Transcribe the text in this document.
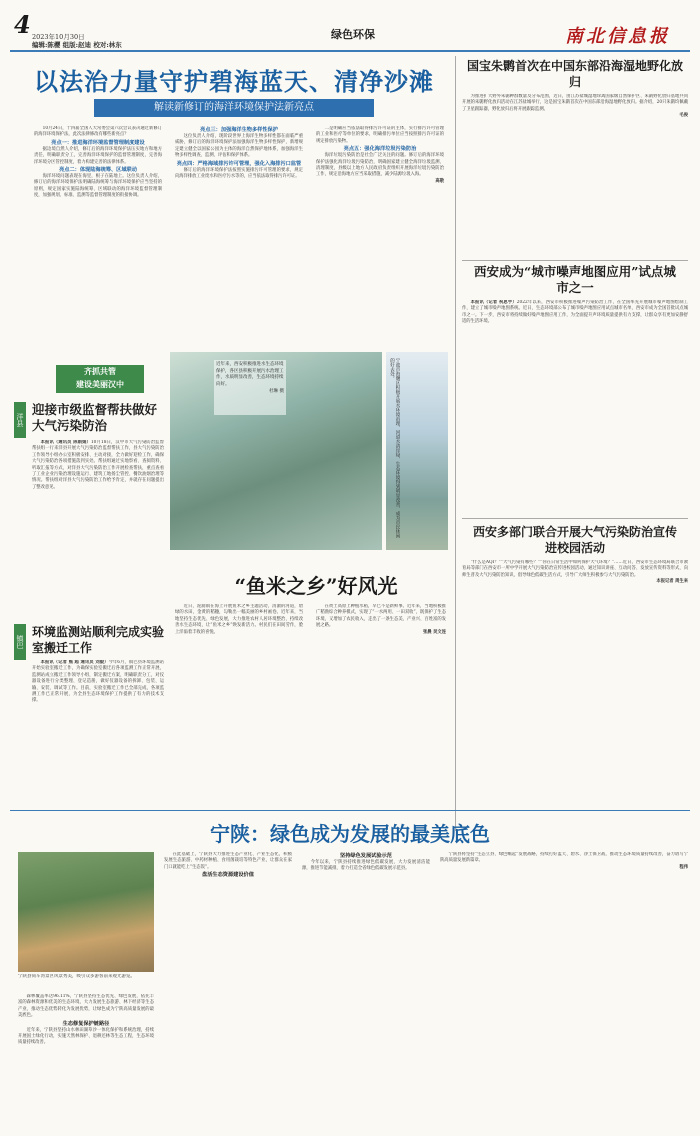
4 2023年10月30日
编辑:陈樱 组版:赵迪 校对:林东
绿色环保	南北信息报
以法治力量守护碧海蓝天、清净沙滩
解读新修订的海洋环境保护法新亮点

10月24日，十四届全国人大常委会第六次会议表决通过新修订的海洋环境保护法，此次法律修改有哪些新亮点？

亮点一：推进海洋环境监督管理制度建设

据边境自然人介绍，修订后的海洋环境保护法压实地方和地方责任，明确职责分工，完善海洋环境保护的监督管理制度，完善海洋环境分区管控制度，着力构建完善的法律体系。

亮点二：体现陆海统筹、区域联动

海洋环境问题表现在海里，根子在陆地上。这位负责人介绍，修订后的海洋环境保护法明确陆海统筹与海洋环境保护应当坚持的原则，规定国家实施陆海统筹、区域联动的海洋环境监督管理制度，加强规划、标准、监测等监督管理制度的衔接协调。

亮点三：加强海洋生物多样性保护

这位负责人介绍，现阶段世界上海洋生物多样性都在面临严重威胁，修订后的海洋环境保护法加强海洋生物多样性保护，新增规定建立健全以国家公园为主体的海洋自然保护地体系，加强海洋生物多样性调查、监测、评估和保护体系。

亮点四：严格海域排污许可管理，强化入海排污口监管

修订后的海洋环境保护法按照实施排污许可管理的要求，规定向海洋排放工业废水和医疗污水等的，应当依法取得排污许可证。

二是明确应当依法取得排污许可证的主体，实行排污许可管理的工业和医疗等单位的要求，明确排污单位应当按照排污许可证的规定排放污染物。

亮点五：强化海洋垃圾污染防治

海洋垃圾污染防治是社会广泛关注的问题。修订后的海洋环境保护法强化海洋垃圾污染防治，明确国家建立健全海洋垃圾监测、清理制度，县级以上地方人民政府负责组织开展海洋垃圾污染防治工作，规定沿海地方应当采取措施，减少陆源垃圾入海。

高敬

近年来，西安积极推进水生态环境保护，各区县积极开展污水治理工作，水质明显改善，生态环境持续向好。
杜琳 摄	宁波市海曙区积极开展水环境治理，河道水清岸绿，生态环境得到明显改善，成为市民休闲的好去处。
齐抓共管
建设美丽汉中
洋县
迎接市级监督帮扶做好大气污染防治

本报讯（通讯员 陈娟娟）10月18日，汉中市大气污染防治监督帮扶组一行来洋县开展大气污染防治监督帮扶工作，县大气污染防治工作领导小组办公室积极安排、主动对接，全力做好迎检工作，确保大气污染防治各项措施落到实处。帮扶组通过实地察看、查阅资料、听取汇报等方式，对洋县大气污染防治工作开展检查帮扶，重点查看了工业企业污染治理设施运行、建筑工地扬尘管控、餐饮油烟治理等情况。帮扶组对洋县大气污染防治工作给予肯定，并就存在问题提出了整改意见。

镇巴
环境监测站顺利完成实验室搬迁工作

本报讯（记者 熊 超 通讯员 刘毅）今年6月，镇巴县环境监测站开始实验室搬迁工作，为确保实验室搬迁后各项监测工作正常开展，监测站成立搬迁工作领导小组，制定搬迁方案，明确职责分工，对仪器设备进行分类整理、登记造册，做好仪器设备的拆卸、包装、运输、安装、调试等工作。目前，实验室搬迁工作已全部完成，各项监测工作已正常开展，为全县生态环境保护工作提供了有力的技术支撑。

“鱼米之乡”好风光

近日，泥涌镇在海上开展鱼米之乡主题活动，清澈的河道，碧绿的水田，金黄的稻穗，勾勒出一幅美丽的乡村画卷。近年来，当地坚持生态优先、绿色发展，大力推进农村人居环境整治，持续改善水生态环境，让“鱼米之乡”焕发新活力。村民们在田间劳作，脸上洋溢着丰收的喜悦。

在黄土高原上种植水稻，早已不是新鲜事。近年来，当地积极推广稻渔综合种养模式，实现了“一水两用、一田双收”，既保护了生态环境，又增加了农民收入，走出了一条生态美、产业兴、百姓富的发展之路。

张晨 吴文连

国宝朱鹮首次在中国东部沿海湿地野化放归

为推进扩大野外朱鹮种群数量及分布范围，近日，由江苏盐城湿地珍禽国家级自然保护区、朱鹮野化放归基地共同开展的朱鹮野化放归活动在江苏盐城举行，这是国宝朱鹮首次在中国东部沿海湿地野化放归。据介绍，20只朱鹮均佩戴了卫星跟踪器，野化放归后将开展跟踪监测。

毛俊

西安成为“城市噪声地图应用”试点城市之一

本报讯（记者 祝思宇）2022年以来，西安市积极推进噪声污染防治工作，在全国率先开展城市噪声地图绘制工作，建立了城市噪声地图系统。近日，生态环境部公布了城市噪声地图应用试点城市名单，西安市成为全国首批试点城市之一。下一步，西安市将持续做好噪声地图应用工作，为全面提升声环境质量提供有力支撑，让群众享有更加安静舒适的生活环境。

西安多部门联合开展大气污染防治宣传进校园活动

“什么是AQI？”“大气污染有哪些？”“你在日常生活中如何保护大气环境？”……近日，西安市生态环境局联合市教育局等部门在西安市一所中学开展大气污染防治宣传进校园活动，通过知识讲座、互动问答、发放宣传资料等形式，向师生普及大气污染防治知识，倡导绿色低碳生活方式，引导广大师生积极参与大气污染防治。

本报记者 周生来

宁陕：绿色成为发展的最美底色
宁陕县筒车湾景区风景秀美，吸引众多游客前来观光游览。

森林覆盖率达96.11%，宁陕县坚持生态优先、绿色发展，依托丰富的森林资源和优美的生态环境，大力发展生态旅游、林下经济等生态产业，推动生态优势转化为发展优势，让绿色成为宁陕高质量发展的最美底色。

生态修复保护链路径

近年来，宁陕县坚持山水林田湖草沙一体化保护和系统治理，持续开展国土绿化行动，实施天然林保护、退耕还林等生态工程，生态环境质量持续改善。

在此基础上，宁陕县大力推进生态产业化、产业生态化，积极发展生态旅游、中药材种植、食用菌栽培等特色产业，让群众在家门口就能吃上“生态饭”。

盘活生态资源建设价值
坚持绿色发展试验示范

今年以来，宁陕县持续推进绿色低碳发展，大力发展清洁能源，推进节能减排，着力打造全省绿色低碳发展示范县。

宁陕县将坚持“生态立县、绿色崛起”发展战略，持续打好蓝天、碧水、净土保卫战，推动生态环境质量持续改善，奋力谱写宁陕高质量发展新篇章。

程伟
